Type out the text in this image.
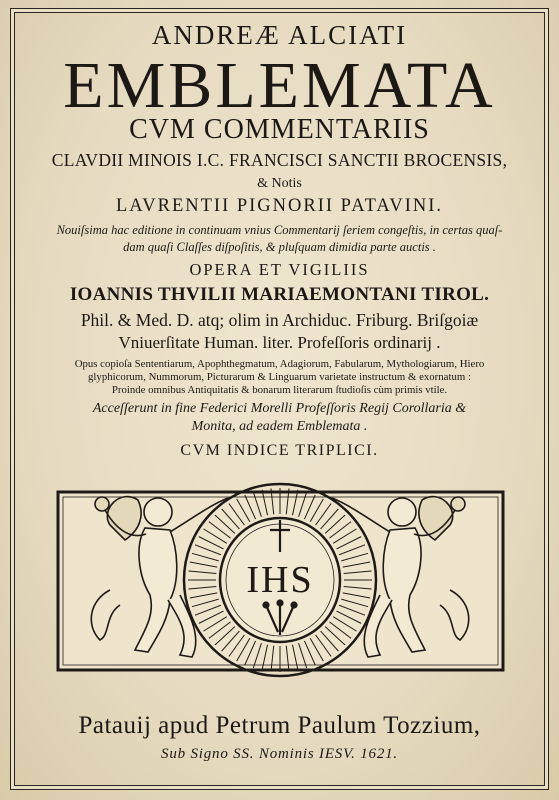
ANDREÆ ALCIATI
EMBLEMATA
CVM COMMENTARIIS
CLAVDII MINOIS I.C. FRANCISCI SANCTII BROCENSIS,
& Notis
LAVRENTII PIGNORII PATAVINI.
Nouiſsima hac editione in continuam vnius Commentarij ſeriem congeſtis, in certas quaſ-
dam quaſi Claſſes diſpoſitis, & pluſquam dimidia parte auctis .
OPERA ET VIGILIIS
IOANNIS THVILII MARIAEMONTANI TIROL.
Phil. & Med. D. atq; olim in Archiduc. Friburg. Briſgoiæ
Vniuerſitate Human. liter. Profeſſoris ordinarij .
Opus copioſa Sententiarum, Apophthegmatum, Adagiorum, Fabularum, Mythologiarum, Hiero
glyphicorum, Nummorum, Picturarum & Linguarum varietate instructum & exornatum :
Proinde omnibus Antiquitatis & bonarum literarum ſtudioſis cùm primis vtile.
Acceſſerunt in fine Federici Morelli Profeſſoris Regij Corollaria &
Monita, ad eadem Emblemata .
CVM INDICE TRIPLICI.
IHS
Patauij apud Petrum Paulum Tozzium,
Sub Signo SS. Nominis IESV. 1621.
